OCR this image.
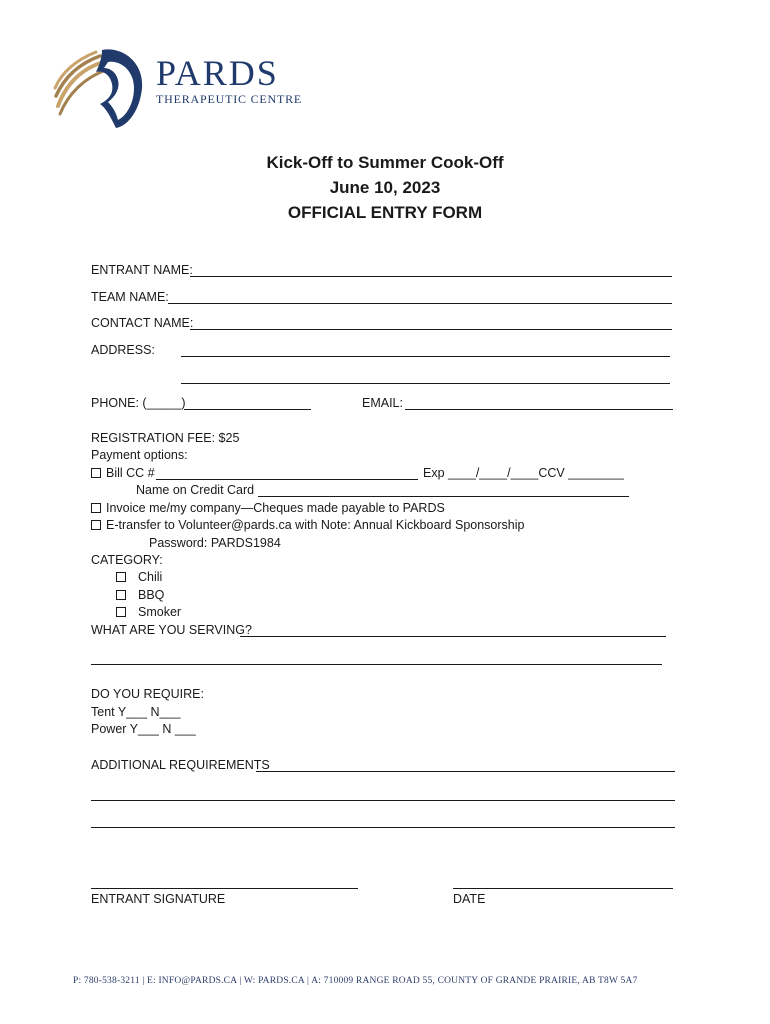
PARDS
THERAPEUTIC CENTRE
Kick-Off to Summer Cook-Off
June 10, 2023
OFFICIAL ENTRY FORM
ENTRANT NAME:
TEAM NAME:
CONTACT NAME:
ADDRESS:
PHONE: (_____)	EMAIL:
REGISTRATION FEE: $25
Payment options:
Bill CC #	Exp ____/____/____CCV ________
Name on Credit Card
Invoice me/my company—Cheques made payable to PARDS
E-transfer to Volunteer@pards.ca with Note: Annual Kickboard Sponsorship
Password: PARDS1984
CATEGORY:
Chili
BBQ
Smoker
WHAT ARE YOU SERVING?
DO YOU REQUIRE:
Tent Y___ N___
Power Y___ N ___
ADDITIONAL REQUIREMENTS
ENTRANT SIGNATURE	DATE
P: 780-538-3211 | E: INFO@PARDS.CA | W: PARDS.CA | A: 710009 RANGE ROAD 55, COUNTY OF GRANDE PRAIRIE, AB T8W 5A7
